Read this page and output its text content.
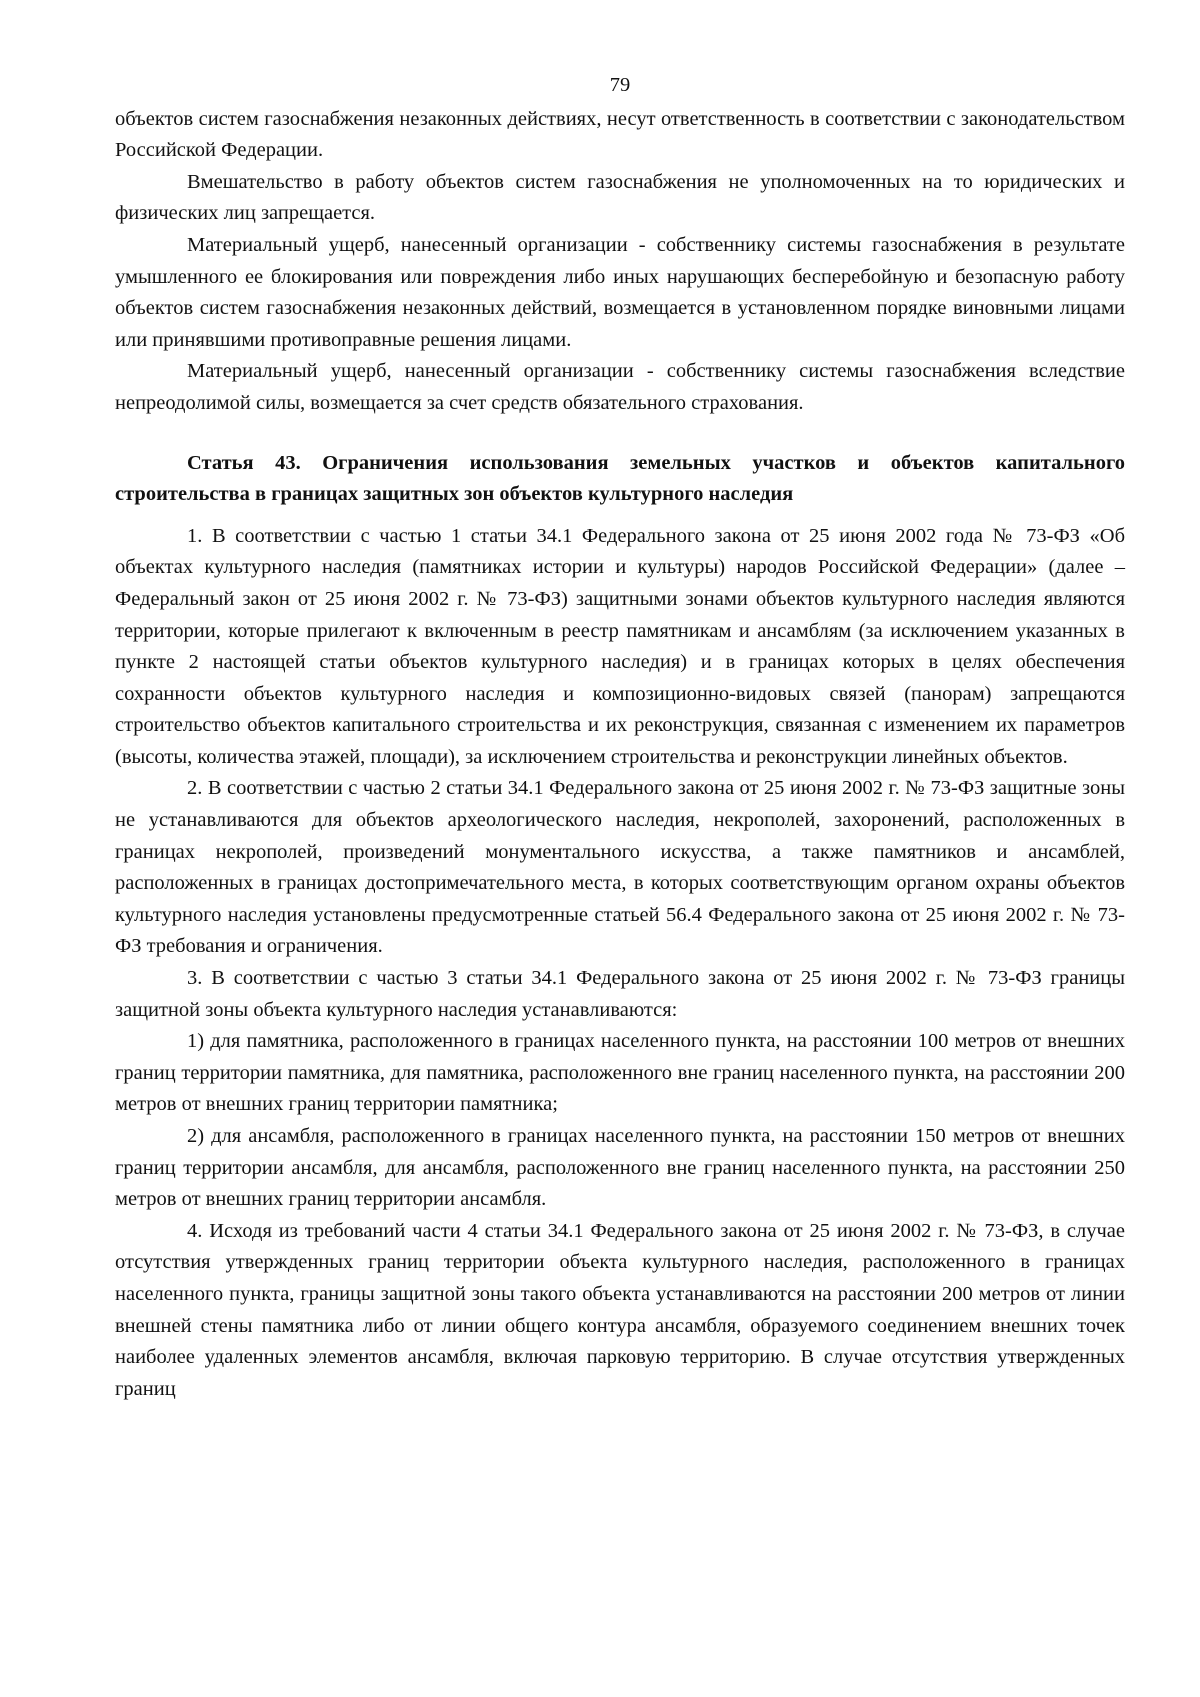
79

объектов систем газоснабжения незаконных действиях, несут ответственность в соответствии с законодательством Российской Федерации.

Вмешательство в работу объектов систем газоснабжения не уполномоченных на то юридических и физических лиц запрещается.

Материальный ущерб, нанесенный организации - собственнику системы газоснабжения в результате умышленного ее блокирования или повреждения либо иных нарушающих бесперебойную и безопасную работу объектов систем газоснабжения незаконных действий, возмещается в установленном порядке виновными лицами или принявшими противоправные решения лицами.

Материальный ущерб, нанесенный организации - собственнику системы газоснабжения вследствие непреодолимой силы, возмещается за счет средств обязательного страхования.

Статья 43. Ограничения использования земельных участков и объектов капитального строительства в границах защитных зон объектов культурного наследия

1. В соответствии с частью 1 статьи 34.1 Федерального закона от 25 июня 2002 года № 73-ФЗ «Об объектах культурного наследия (памятниках истории и культуры) народов Российской Федерации» (далее – Федеральный закон от 25 июня 2002 г. № 73-ФЗ) защитными зонами объектов культурного наследия являются территории, которые прилегают к включенным в реестр памятникам и ансамблям (за исключением указанных в пункте 2 настоящей статьи объектов культурного наследия) и в границах которых в целях обеспечения сохранности объектов культурного наследия и композиционно-видовых связей (панорам) запрещаются строительство объектов капитального строительства и их реконструкция, связанная с изменением их параметров (высоты, количества этажей, площади), за исключением строительства и реконструкции линейных объектов.

2. В соответствии с частью 2 статьи 34.1 Федерального закона от 25 июня 2002 г. № 73-ФЗ защитные зоны не устанавливаются для объектов археологического наследия, некрополей, захоронений, расположенных в границах некрополей, произведений монументального искусства, а также памятников и ансамблей, расположенных в границах достопримечательного места, в которых соответствующим органом охраны объектов культурного наследия установлены предусмотренные статьей 56.4 Федерального закона от 25 июня 2002 г. № 73-ФЗ требования и ограничения.

3. В соответствии с частью 3 статьи 34.1 Федерального закона от 25 июня 2002 г. № 73-ФЗ границы защитной зоны объекта культурного наследия устанавливаются:

1) для памятника, расположенного в границах населенного пункта, на расстоянии 100 метров от внешних границ территории памятника, для памятника, расположенного вне границ населенного пункта, на расстоянии 200 метров от внешних границ территории памятника;

2) для ансамбля, расположенного в границах населенного пункта, на расстоянии 150 метров от внешних границ территории ансамбля, для ансамбля, расположенного вне границ населенного пункта, на расстоянии 250 метров от внешних границ территории ансамбля.

4. Исходя из требований части 4 статьи 34.1 Федерального закона от 25 июня 2002 г. № 73-ФЗ, в случае отсутствия утвержденных границ территории объекта культурного наследия, расположенного в границах населенного пункта, границы защитной зоны такого объекта устанавливаются на расстоянии 200 метров от линии внешней стены памятника либо от линии общего контура ансамбля, образуемого соединением внешних точек наиболее удаленных элементов ансамбля, включая парковую территорию. В случае отсутствия утвержденных границ
